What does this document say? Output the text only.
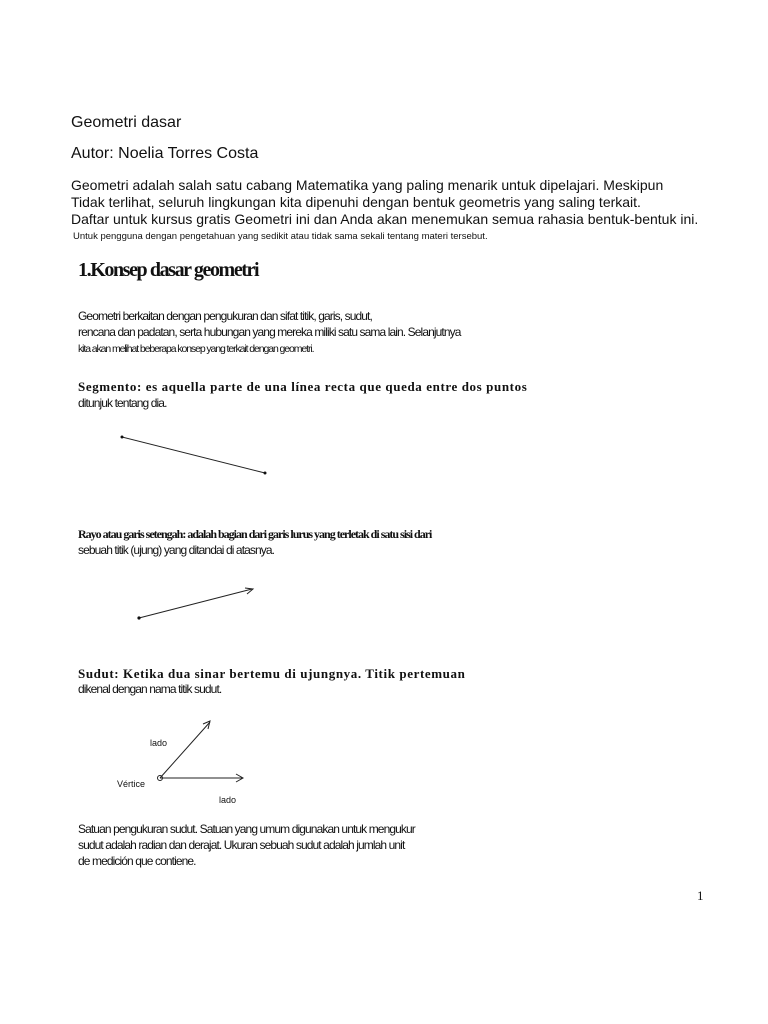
Geometri dasar
Autor: Noelia Torres Costa
Geometri adalah salah satu cabang Matematika yang paling menarik untuk dipelajari. Meskipun
Tidak terlihat, seluruh lingkungan kita dipenuhi dengan bentuk geometris yang saling terkait.
Daftar untuk kursus gratis Geometri ini dan Anda akan menemukan semua rahasia bentuk-bentuk ini.
Untuk pengguna dengan pengetahuan yang sedikit atau tidak sama sekali tentang materi tersebut.
1.Konsep dasar geometri
Geometri berkaitan dengan pengukuran dan sifat titik, garis, sudut,
rencana dan padatan, serta hubungan yang mereka miliki satu sama lain. Selanjutnya
kita akan melihat beberapa konsep yang terkait dengan geometri.
Segmento: es aquella parte de una línea recta que queda entre dos puntos
ditunjuk tentang dia.
Rayo atau garis setengah: adalah bagian dari garis lurus yang terletak di satu sisi dari
sebuah titik (ujung) yang ditandai di atasnya.
Sudut: Ketika dua sinar bertemu di ujungnya. Titik pertemuan
dikenal dengan nama titik sudut.
lado
Vértice
lado
Satuan pengukuran sudut. Satuan yang umum digunakan untuk mengukur
sudut adalah radian dan derajat. Ukuran sebuah sudut adalah jumlah unit
de medición que contiene.
1
